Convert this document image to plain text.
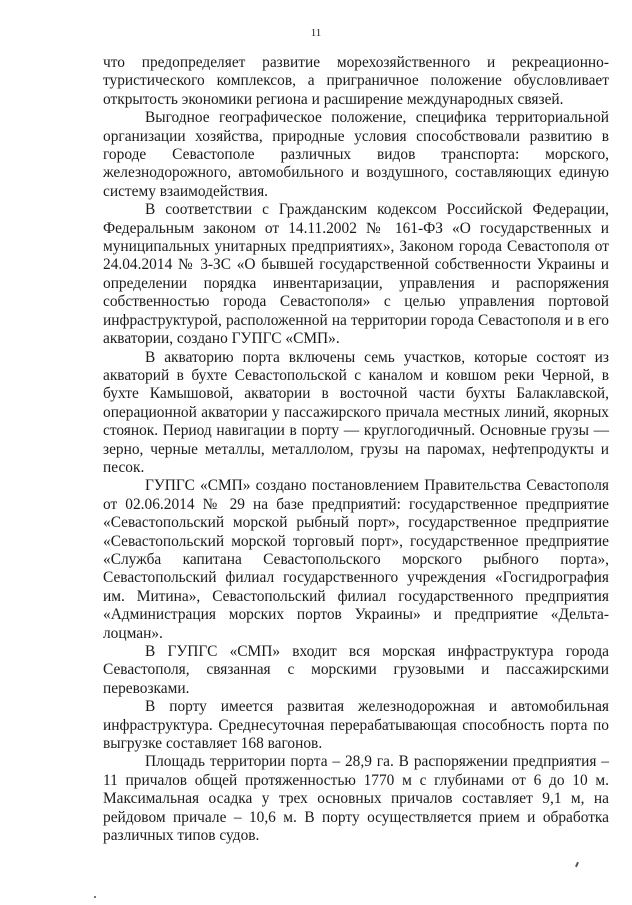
11

что предопределяет развитие морехозяйственного и рекреационно-туристического комплексов, а приграничное положение обусловливает открытость экономики региона и расширение международных связей.

Выгодное географическое положение, специфика территориальной организации хозяйства, природные условия способствовали развитию в городе Севастополе различных видов транспорта: морского, железнодорожного, автомобильного и воздушного, составляющих единую систему взаимодействия.

В соответствии с Гражданским кодексом Российской Федерации, Федеральным законом от 14.11.2002 № 161-ФЗ «О государственных и муниципальных унитарных предприятиях», Законом города Севастополя от 24.04.2014 № 3-ЗС «О бывшей государственной собственности Украины и определении порядка инвентаризации, управления и распоряжения собственностью города Севастополя» с целью управления портовой инфраструктурой, расположенной на территории города Севастополя и в его акватории, создано ГУПГС «СМП».

В акваторию порта включены семь участков, которые состоят из акваторий в бухте Севастопольской с каналом и ковшом реки Черной, в бухте Камышовой, акватории в восточной части бухты Балаклавской, операционной акватории у пассажирского причала местных линий, якорных стоянок. Период навигации в порту — круглогодичный. Основные грузы — зерно, черные металлы, металлолом, грузы на паромах, нефтепродукты и песок.

ГУПГС «СМП» создано постановлением Правительства Севастополя от 02.06.2014 № 29 на базе предприятий: государственное предприятие «Севастопольский морской рыбный порт», государственное предприятие «Севастопольский морской торговый порт», государственное предприятие «Служба капитана Севастопольского морского рыбного порта», Севастопольский филиал государственного учреждения «Госгидрография им. Митина», Севастопольский филиал государственного предприятия «Администрация морских портов Украины» и предприятие «Дельта-лоцман».

В ГУПГС «СМП» входит вся морская инфраструктура города Севастополя, связанная с морскими грузовыми и пассажирскими перевозками.

В порту имеется развитая железнодорожная и автомобильная инфраструктура. Среднесуточная перерабатывающая способность порта по выгрузке составляет 168 вагонов.

Площадь территории порта – 28,9 га. В распоряжении предприятия – 11 причалов общей протяженностью 1770 м с глубинами от 6 до 10 м. Максимальная осадка у трех основных причалов составляет 9,1 м, на рейдовом причале – 10,6 м. В порту осуществляется прием и обработка различных типов судов.
